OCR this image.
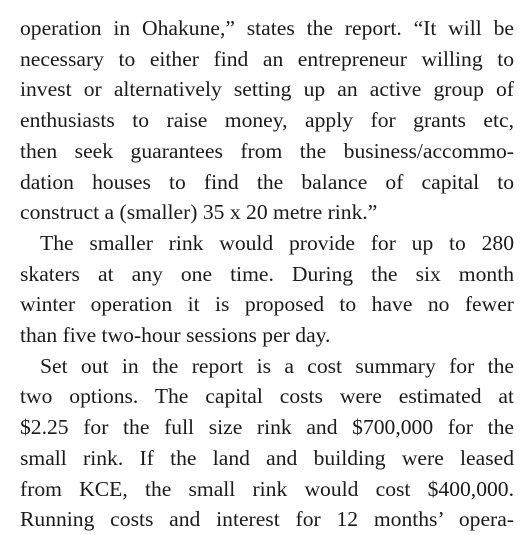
operation in Ohakune,” states the report. “It will be
necessary to either find an entrepreneur willing to
invest or alternatively setting up an active group of
enthusiasts to raise money, apply for grants etc,
then seek guarantees from the business/accommo-
dation houses to find the balance of capital to
construct a (smaller) 35 x 20 metre rink.”

The smaller rink would provide for up to 280
skaters at any one time. During the six month
winter operation it is proposed to have no fewer
than five two-hour sessions per day.

Set out in the report is a cost summary for the
two options. The capital costs were estimated at
$2.25 for the full size rink and $700,000 for the
small rink. If the land and building were leased
from KCE, the small rink would cost $400,000.
Running costs and interest for 12 months’ opera-
